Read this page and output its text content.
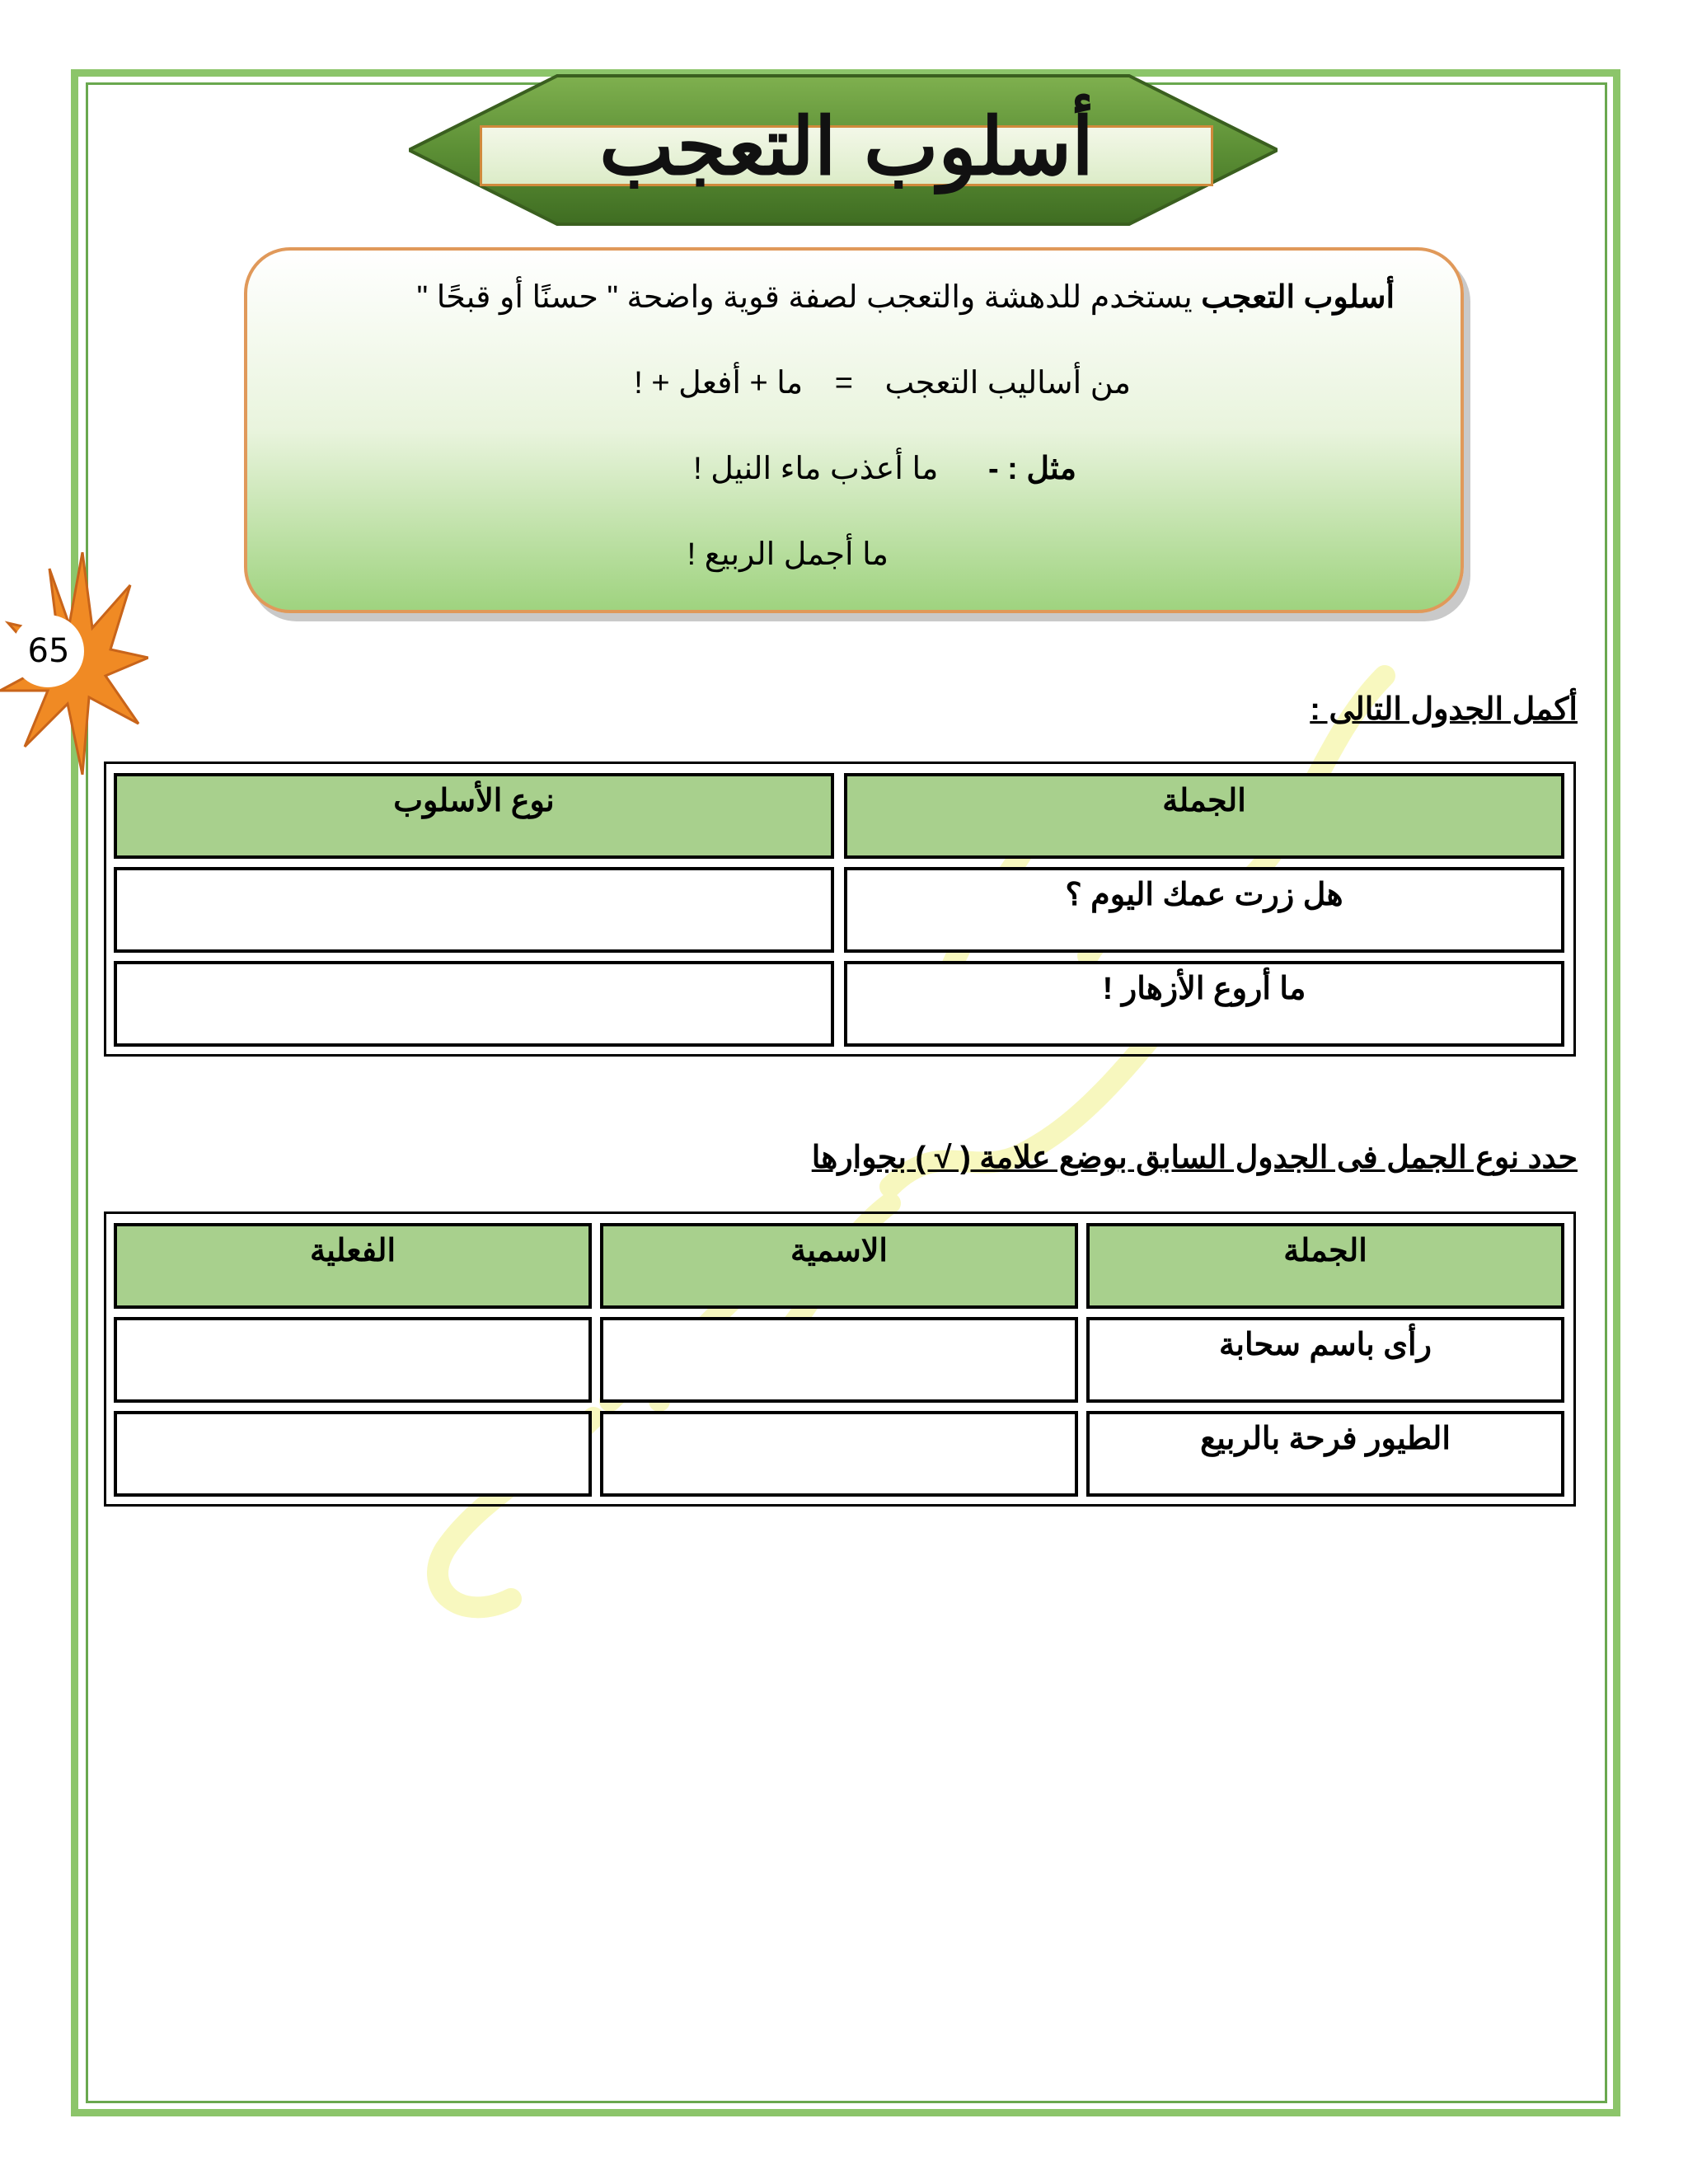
أسلوب التعجب
أسلوب التعجب يستخدم للدهشة والتعجب لصفة قوية واضحة " حسنًا أو قبحًا "
من أساليب التعجب = ما + أفعل + !
مثل : - ما أعذب ماء النيل !
ما أجمل الربيع !
65
أكمل الجدول التالى :
الجملة
نوع الأسلوب
هل زرت عمك اليوم ؟
ما أروع الأزهار !
حدد نوع الجمل فى الجدول السابق بوضع علامة ( √ ) بجوارها
الجملة
الاسمية
الفعلية
رأى باسم سحابة
الطيور فرحة بالربيع
